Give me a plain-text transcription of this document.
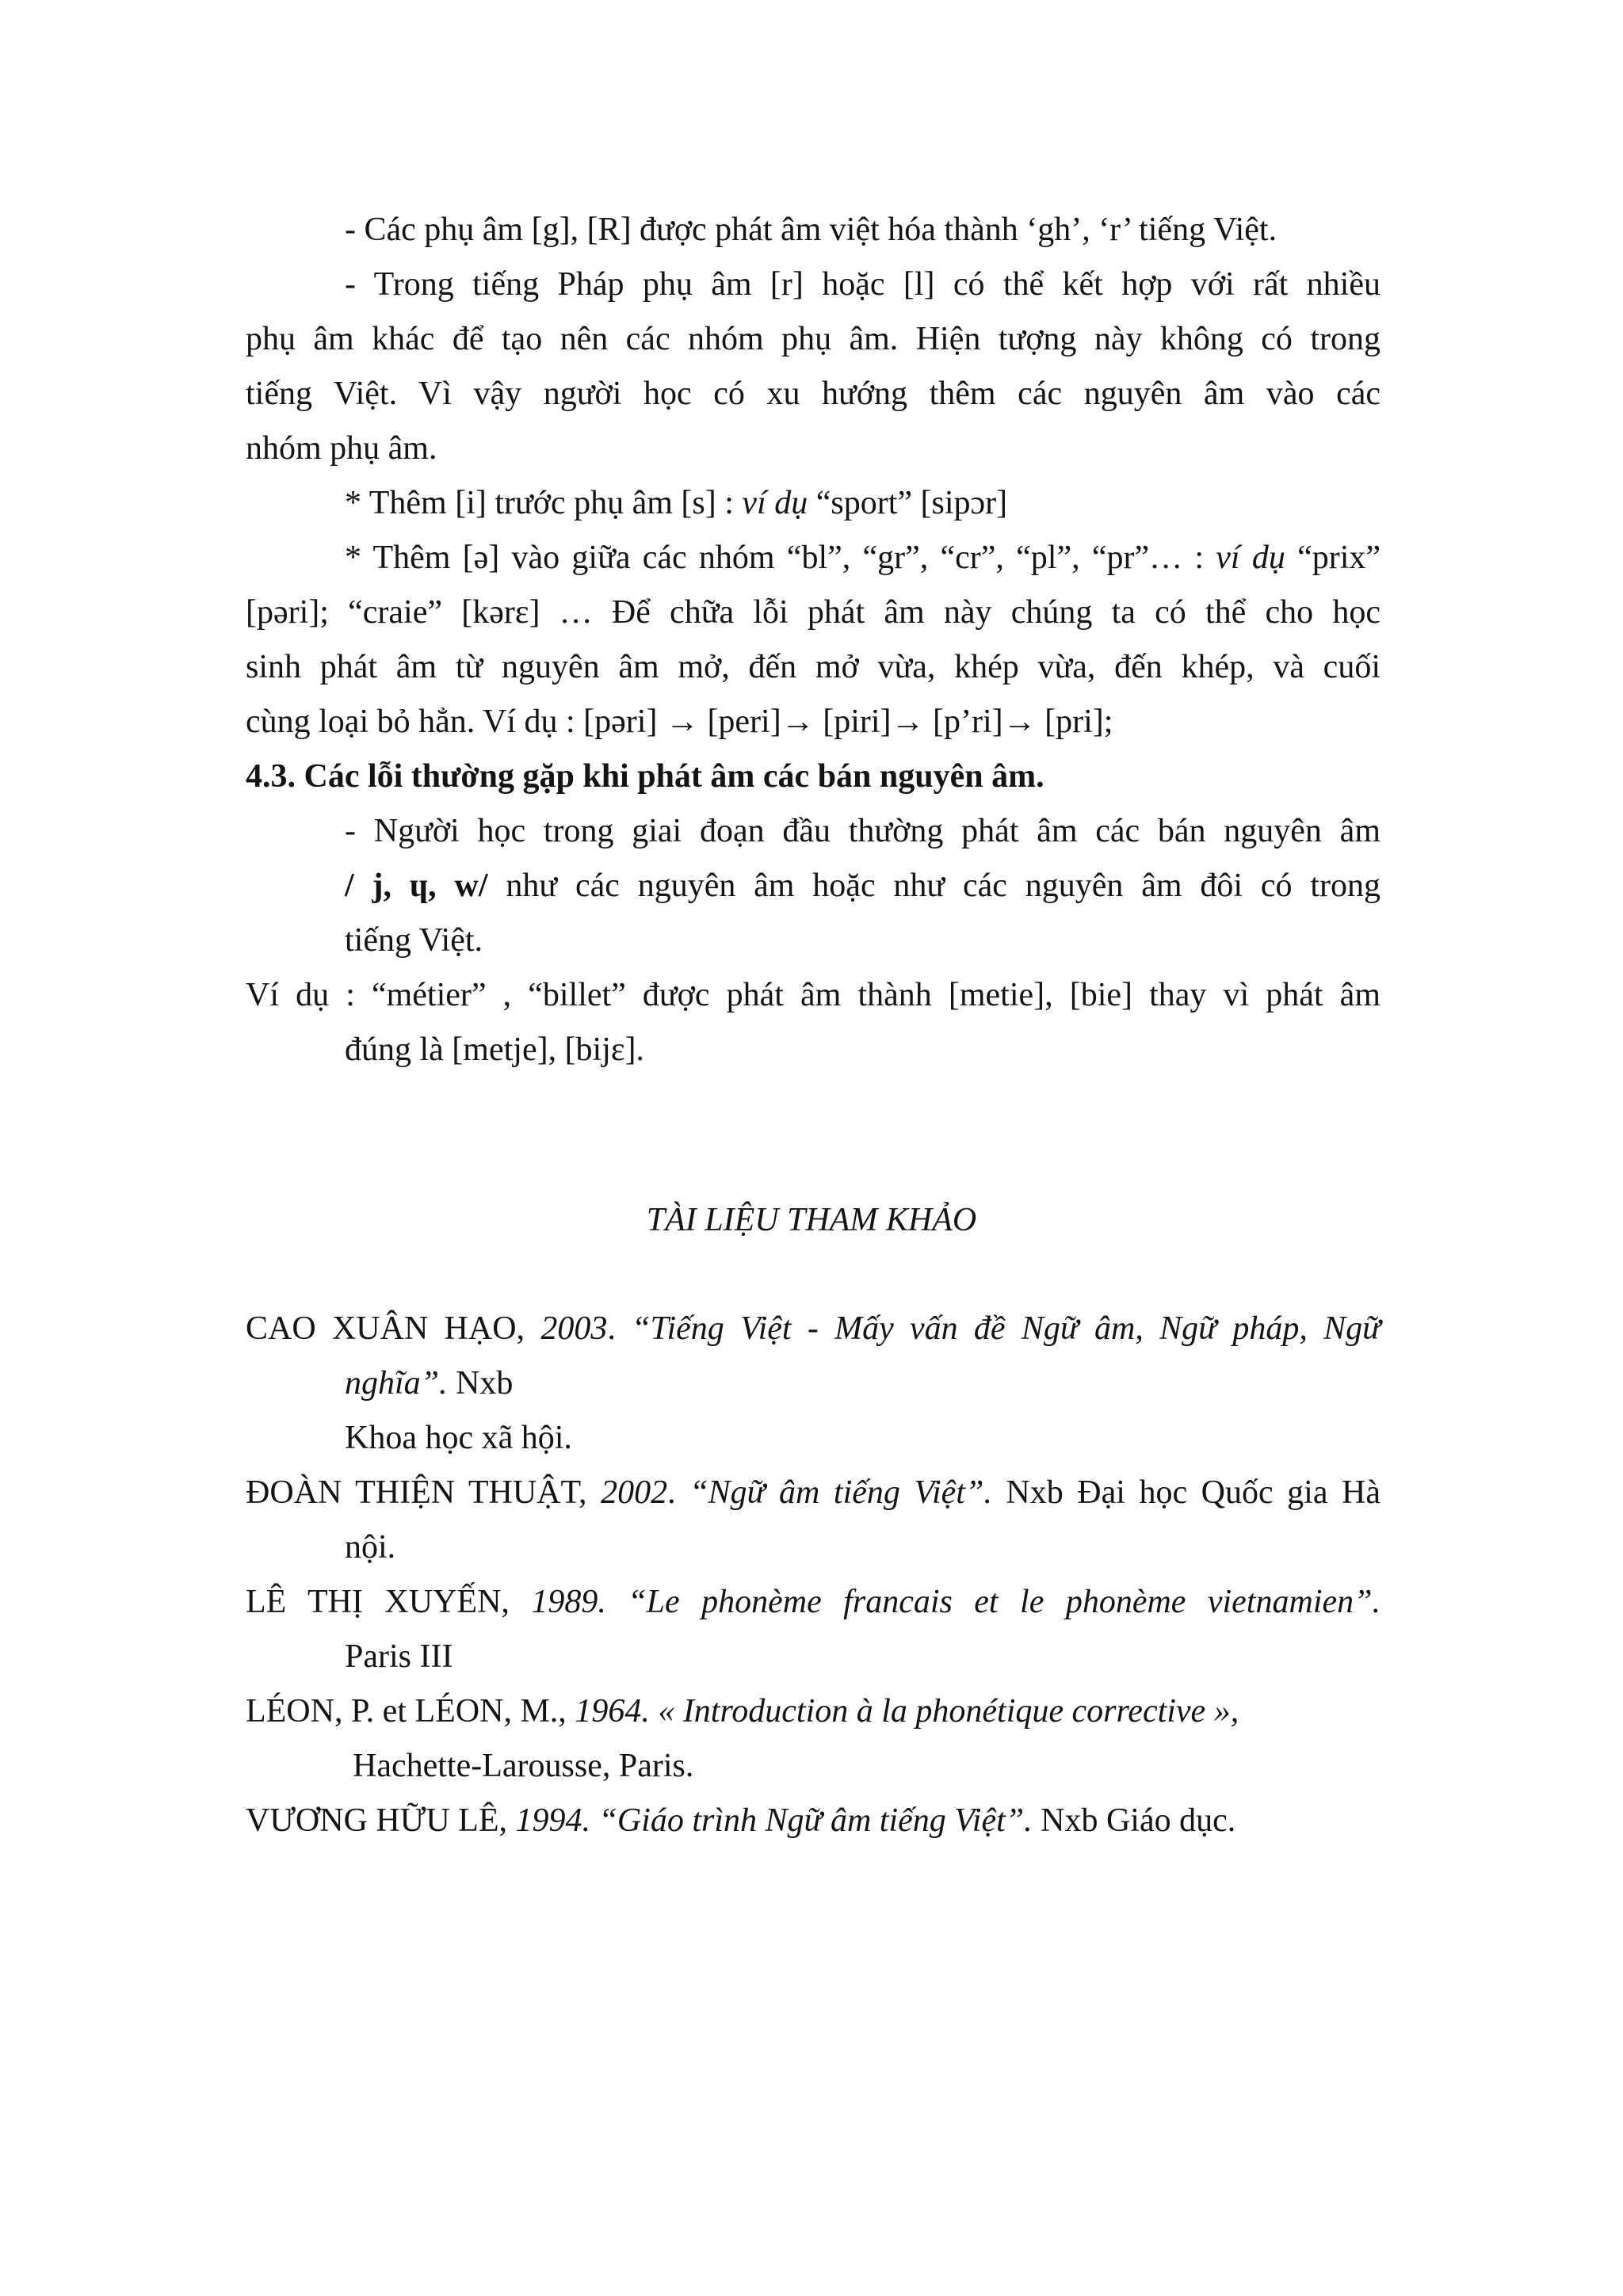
- Các phụ âm [g], [R] được phát âm việt hóa thành ‘gh’, ‘r’ tiếng Việt.
- Trong tiếng Pháp phụ âm [r] hoặc [l] có thể kết hợp với rất nhiều
phụ âm khác để tạo nên các nhóm phụ âm. Hiện tượng này không có trong
tiếng Việt. Vì vậy người học có xu hướng thêm các nguyên âm vào các
nhóm phụ âm.
* Thêm [i] trước phụ âm [s] : ví dụ “sport” [sipɔr]
* Thêm [ə] vào giữa các nhóm “bl”, “gr”, “cr”, “pl”, “pr”… : ví dụ “prix”
[pəri]; “craie” [kərɛ] … Để chữa lỗi phát âm này chúng ta có thể cho học
sinh phát âm từ nguyên âm mở, đến mở vừa, khép vừa, đến khép, và cuối
cùng loại bỏ hẳn. Ví dụ : [pəri] → [peri]→ [piri]→ [p’ri]→ [pri];
4.3. Các lỗi thường gặp khi phát âm các bán nguyên âm.
- Người học trong giai đoạn đầu thường phát âm các bán nguyên âm
/ j, ɥ, w/ như các nguyên âm hoặc như các nguyên âm đôi có trong
tiếng Việt.
Ví dụ : “métier” , “billet” được phát âm thành [metie], [bie] thay vì phát âm
đúng là [metje], [bijɛ].
TÀI LIỆU THAM KHẢO
CAO XUÂN HẠO, 2003. “Tiếng Việt - Mấy vấn đề Ngữ âm, Ngữ pháp, Ngữ
nghĩa”. Nxb
Khoa học xã hội.
ĐOÀN THIỆN THUẬT, 2002. “Ngữ âm tiếng Việt”. Nxb Đại học Quốc gia Hà
nội.
LÊ THỊ XUYẾN, 1989. “Le phonème francais et le phonème vietnamien”.
Paris III
LÉON, P. et LÉON, M., 1964. « Introduction à la phonétique corrective »,
Hachette-Larousse, Paris.
VƯƠNG HỮU LÊ, 1994. “Giáo trình Ngữ âm tiếng Việt”. Nxb Giáo dục.
